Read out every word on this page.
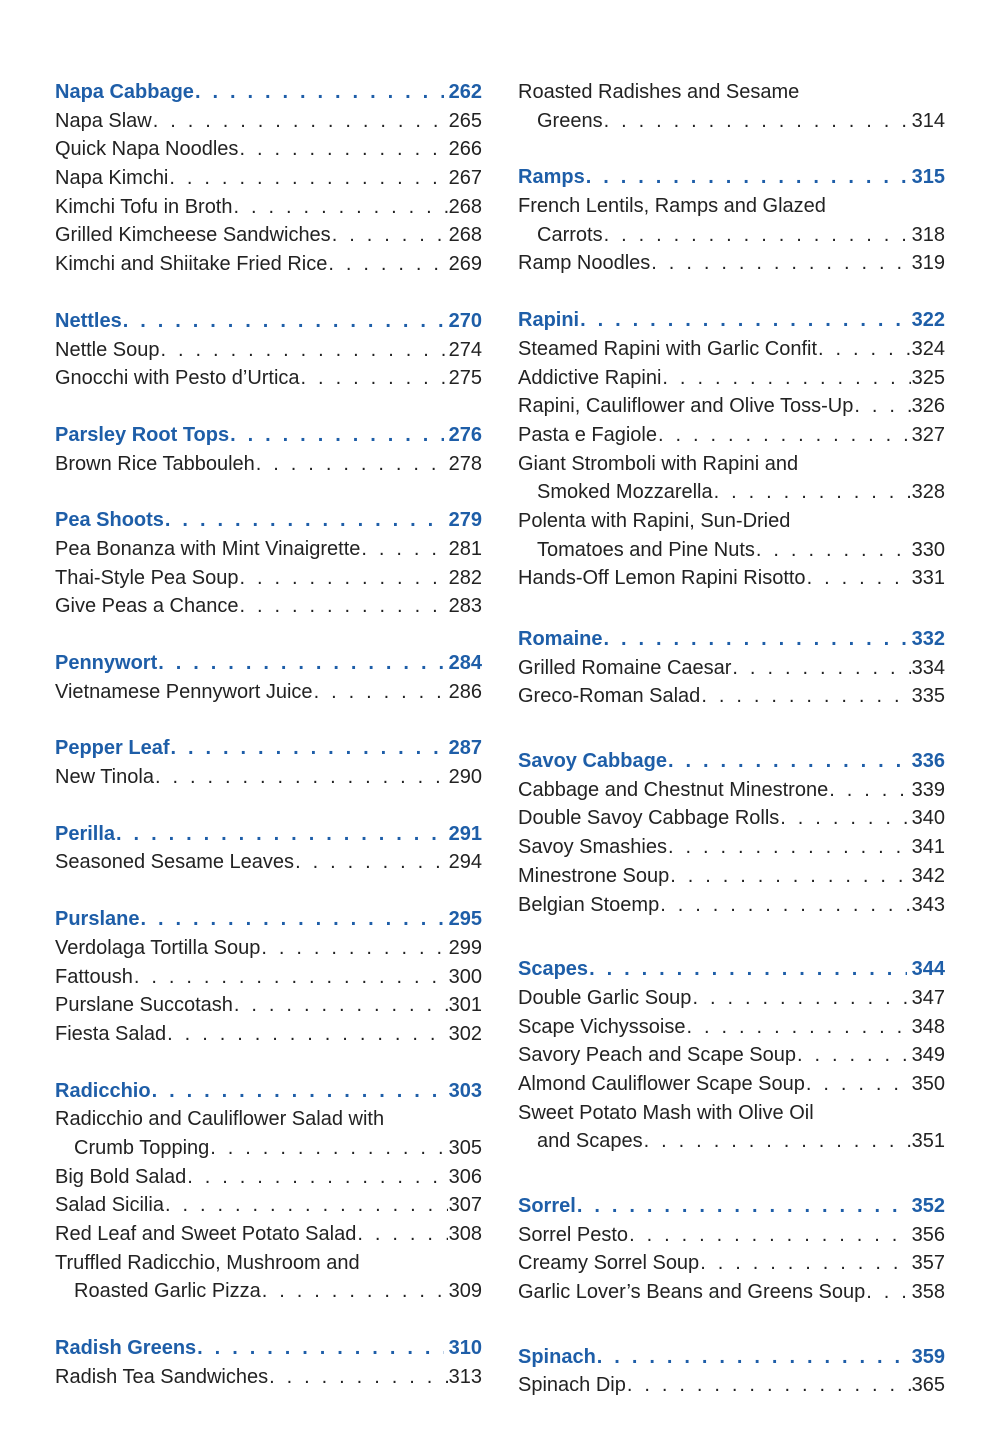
Napa Cabbage . . .	262
Napa Slaw . . .	265
Quick Napa Noodles . . .	266
Napa Kimchi . . .	267
Kimchi Tofu in Broth . . .	268
Grilled Kimcheese Sandwiches . . .	268
Kimchi and Shiitake Fried Rice . . .	269
Nettles . . .	270
Nettle Soup . . .	274
Gnocchi with Pesto d’Urtica . . .	275
Parsley Root Tops . . .	276
Brown Rice Tabbouleh . . .	278
Pea Shoots . . .	279
Pea Bonanza with Mint Vinaigrette . . .	281
Thai-Style Pea Soup . . .	282
Give Peas a Chance . . .	283
Pennywort . . .	284
Vietnamese Pennywort Juice . . .	286
Pepper Leaf . . .	287
New Tinola . . .	290
Perilla . . .	291
Seasoned Sesame Leaves . . .	294
Purslane . . .	295
Verdolaga Tortilla Soup . . .	299
Fattoush . . .	300
Purslane Succotash . . .	301
Fiesta Salad . . .	302
Radicchio . . .	303
Radicchio and Cauliflower Salad with
Crumb Topping . . .	305
Big Bold Salad . . .	306
Salad Sicilia . . .	307
Red Leaf and Sweet Potato Salad . . .	308
Truffled Radicchio, Mushroom and
Roasted Garlic Pizza . . .	309
Radish Greens . . .	310
Radish Tea Sandwiches . . .	313
Roasted Radishes and Sesame
Greens . . .	314
Ramps . . .	315
French Lentils, Ramps and Glazed
Carrots . . .	318
Ramp Noodles . . .	319
Rapini . . .	322
Steamed Rapini with Garlic Confit . . .	324
Addictive Rapini . . .	325
Rapini, Cauliflower and Olive Toss-Up . . .	326
Pasta e Fagiole . . .	327
Giant Stromboli with Rapini and
Smoked Mozzarella . . .	328
Polenta with Rapini, Sun-Dried
Tomatoes and Pine Nuts . . .	330
Hands-Off Lemon Rapini Risotto . . .	331
Romaine . . .	332
Grilled Romaine Caesar . . .	334
Greco-Roman Salad . . .	335
Savoy Cabbage . . .	336
Cabbage and Chestnut Minestrone . . .	339
Double Savoy Cabbage Rolls . . .	340
Savoy Smashies . . .	341
Minestrone Soup . . .	342
Belgian Stoemp . . .	343
Scapes . . .	344
Double Garlic Soup . . .	347
Scape Vichyssoise . . .	348
Savory Peach and Scape Soup . . .	349
Almond Cauliflower Scape Soup . . .	350
Sweet Potato Mash with Olive Oil
and Scapes . . .	351
Sorrel . . .	352
Sorrel Pesto . . .	356
Creamy Sorrel Soup . . .	357
Garlic Lover’s Beans and Greens Soup . . . 358
Spinach . . .	359
Spinach Dip . . .	365
